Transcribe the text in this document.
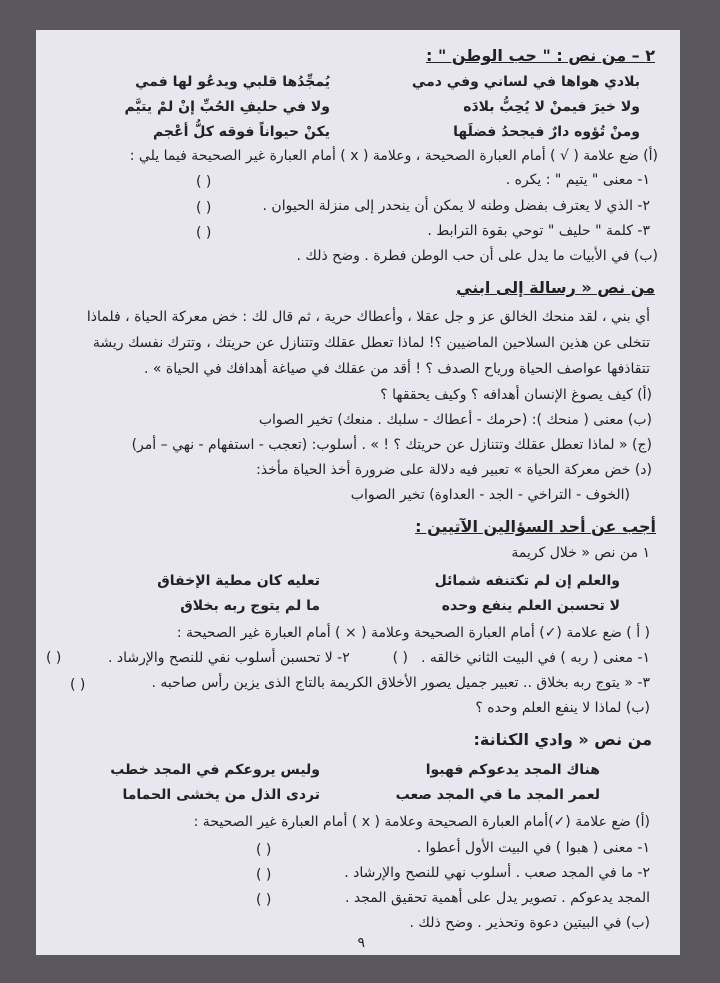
٢ – من نص : " حب الوطن " :
بلادي هواها في لساني وفي دمي
يُمجِّدُها قلبي ويدعُو لها فمي
ولا خيرَ فيمنْ لا يُحِبُّ بلادَه
ولا في حليفِ الحُبِّ إنْ لمْ يتيَّم
ومنْ تُؤوه دارٌ فيجحدُ فضلَها
يكنْ حيواناً فوقه كلُّ أعْجم
(أ) ضع علامة ( √ ) أمام العبارة الصحيحة ، وعلامة ( x ) أمام العبارة غير الصحيحة فيما يلي :
١- معنى " يتيم " : يكره .
( )
٢- الذي لا يعترف بفضل وطنه لا يمكن أن ينحدر إلى منزلة الحيوان .
( )
٣- كلمة " حليف " توحي بقوة الترابط .
( )
(ب) في الأبيات ما يدل على أن حب الوطن فطرة . وضح ذلك .
من نص « رسالة إلى ابني
أي بني ، لقد منحك الخالق عز و جل عقلا ، وأعطاك حرية ، ثم قال لك : خض معركة الحياة ، فلماذا
تتخلى عن هذين السلاحين الماضيين ؟! لماذا تعطل عقلك وتتنازل عن حريتك ، وتترك نفسك ريشة
تتقاذفها عواصف الحياة ورياح الصدف ؟ ! أقد من عقلك في صياغة أهدافك في الحياة » .
(أ) كيف يصوغ الإنسان أهدافه ؟ وكيف يحققها ؟
(ب) معنى ( منحك ): (حرمك - أعطاك - سلبك . منعك) تخير الصواب
(ج) « لماذا تعطل عقلك وتتنازل عن حريتك ؟ ! » . أسلوب: (تعجب - استفهام - نهي – أمر)
(د) خض معركة الحياة » تعبير فيه دلالة على ضرورة أخذ الحياة مأخذ:
(الخوف - التراخي - الجد - العداوة) تخير الصواب
أجب عن أحد السؤالين الآتيين :
١ من نص « خلال كريمة
والعلم إن لم تكتنفه شمائل
تعليه كان مطية الإخفاق
لا تحسبن العلم ينفع وحده
ما لم يتوج ربه بخلاق
( أ ) ضع علامة (✓) أمام العبارة الصحيحة وعلامة ( × ) أمام العبارة غير الصحيحة :
١- معنى ( ربه ) في البيت الثاني خالقه .
( )
٢- لا تحسبن أسلوب نفي للنصح والإرشاد .
( )
٣- « يتوج ربه بخلاق .. تعبير جميل يصور الأخلاق الكريمة بالتاج الذى يزين رأس صاحبه .
( )
(ب) لماذا لا ينفع العلم وحده ؟
من نص « وادي الكنانة:
هناك المجد يدعوكم فهبوا
وليس يروعكم في المجد خطب
لعمر المجد ما في المجد صعب
تردى الذل من يخشى الحماما
(أ) ضع علامة (✓)أمام العبارة الصحيحة وعلامة ( x ) أمام العبارة غير الصحيحة :
١- معنى ( هبوا ) في البيت الأول أعطوا .
( )
٢- ما في المجد صعب . أسلوب نهي للنصح والإرشاد .
( )
المجد يدعوكم . تصوير يدل على أهمية تحقيق المجد .
( )
(ب) في البيتين دعوة وتحذير . وضح ذلك .
٩
